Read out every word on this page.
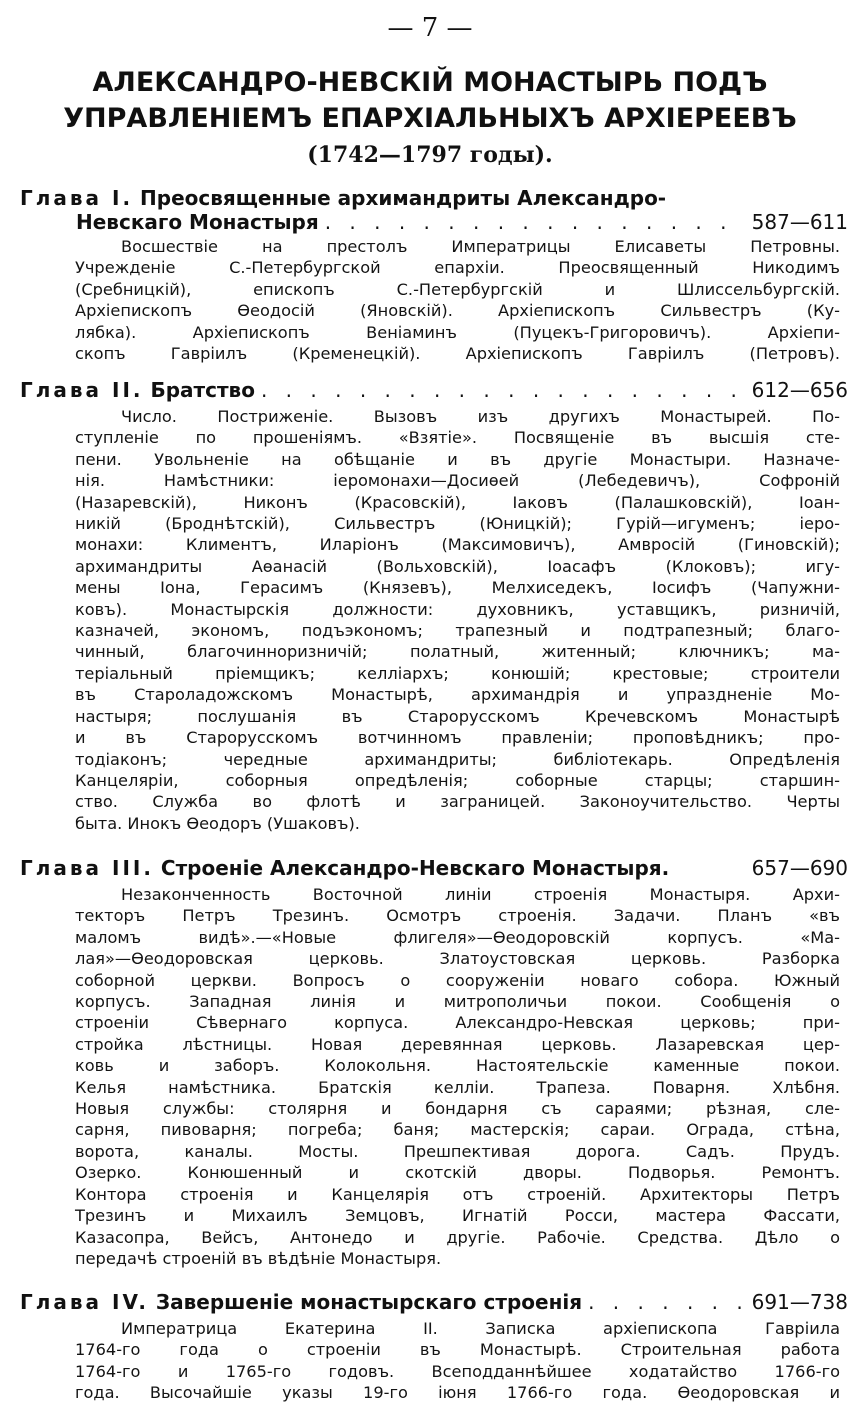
— 7 —
АЛЕКСАНДРО-НЕВСКІЙ МОНАСТЫРЬ ПОДЪ
УПРАВЛЕНІЕМЪ ЕПАРХІАЛЬНЫХЪ АРХІЕРЕЕВЪ
(1742—1797 годы).
Глава I. Преосвященные архимандриты Александро-
Невскаго Монастыря . . .	587—611
Восшествіе на престолъ Императрицы Елисаветы Петровны.
Учрежденіе С.-Петербургской епархіи. Преосвященный Никодимъ
(Сребницкій), епископъ С.-Петербургскій и Шлиссельбургскій.
Архіепископъ Ѳеодосій (Яновскій). Архіепископъ Сильвестръ (Ку-
лябка). Архіепископъ Веніаминъ (Пуцекъ-Григоровичъ). Архіепи-
скопъ Гавріилъ (Кременецкій). Архіепископъ Гавріилъ (Петровъ).
Глава II. Братство . . .	612—656
Число. Постриженіе. Вызовъ изъ другихъ Монастырей. По-
ступленіе по прошеніямъ. «Взятіе». Посвященіе въ высшія сте-
пени. Увольненіе на обѣщаніе и въ другіе Монастыри. Назначе-
нія. Намѣстники: іеромонахи—Досиѳей (Лебедевичъ), Софроній
(Назаревскій), Никонъ (Красовскій), Іаковъ (Палашковскій), Іоан-
никій (Броднѣтскій), Сильвестръ (Юницкій); Гурій—игуменъ; іеро-
монахи: Климентъ, Иларіонъ (Максимовичъ), Амвросій (Гиновскій);
архимандриты Аѳанасій (Вольховскій), Іоасафъ (Клоковъ); игу-
мены Іона, Герасимъ (Князевъ), Мелхиседекъ, Іосифъ (Чапужни-
ковъ). Монастырскія должности: духовникъ, уставщикъ, ризничій,
казначей, экономъ, подъэкономъ; трапезный и подтрапезный; благо-
чинный, благочинноризничій; полатный, житенный; ключникъ; ма-
теріальный пріемщикъ; келліархъ; конюшій; крестовые; строители
въ Староладожскомъ Монастырѣ, архимандрія и упраздненіе Мо-
настыря; послушанія въ Старорусскомъ Кречевскомъ Монастырѣ
и въ Старорусскомъ вотчинномъ правленіи; проповѣдникъ; про-
тодіаконъ; чередные архимандриты; библіотекарь. Опредѣленія
Канцеляріи, соборныя опредѣленія; соборные старцы; старшин-
ство. Служба во флотѣ и заграницей. Законоучительство. Черты
быта. Инокъ Ѳеодоръ (Ушаковъ).
Глава III. Строеніе Александро-Невскаго Монастыря.	657—690
Незаконченность Восточной линіи строенія Монастыря. Архи-
текторъ Петръ Трезинъ. Осмотръ строенія. Задачи. Планъ «въ
маломъ видѣ».—«Новые флигеля»—Ѳеодоровскій корпусъ. «Ма-
лая»—Ѳеодоровская церковь. Златоустовская церковь. Разборка
соборной церкви. Вопросъ о сооруженіи новаго собора. Южный
корпусъ. Западная линія и митрополичьи покои. Сообщенія о
строеніи Сѣвернаго корпуса. Александро-Невская церковь; при-
стройка лѣстницы. Новая деревянная церковь. Лазаревская цер-
ковь и заборъ. Колокольня. Настоятельскіе каменные покои.
Келья намѣстника. Братскія келліи. Трапеза. Поварня. Хлѣбня.
Новыя службы: столярня и бондарня съ сараями; рѣзная, сле-
сарня, пивоварня; погреба; баня; мастерскія; сараи. Ограда, стѣна,
ворота, каналы. Мосты. Прешпективая дорога. Садъ. Прудъ.
Озерко. Конюшенный и скотскій дворы. Подворья. Ремонтъ.
Контора строенія и Канцелярія отъ строеній. Архитекторы Петръ
Трезинъ и Михаилъ Земцовъ, Игнатій Росси, мастера Фассати,
Казасопра, Вейсъ, Антонедо и другіе. Рабочіе. Средства. Дѣло о
передачѣ строеній въ вѣдѣніе Монастыря.
Глава IV. Завершеніе монастырскаго строенія . . .	691—738
Императрица Екатерина II. Записка архіепископа Гавріила
1764-го года о строеніи въ Монастырѣ. Строительная работа
1764-го и 1765-го годовъ. Всеподданнѣйшее ходатайство 1766-го
года. Высочайшіе указы 19-го іюня 1766-го года. Ѳеодоровская и
